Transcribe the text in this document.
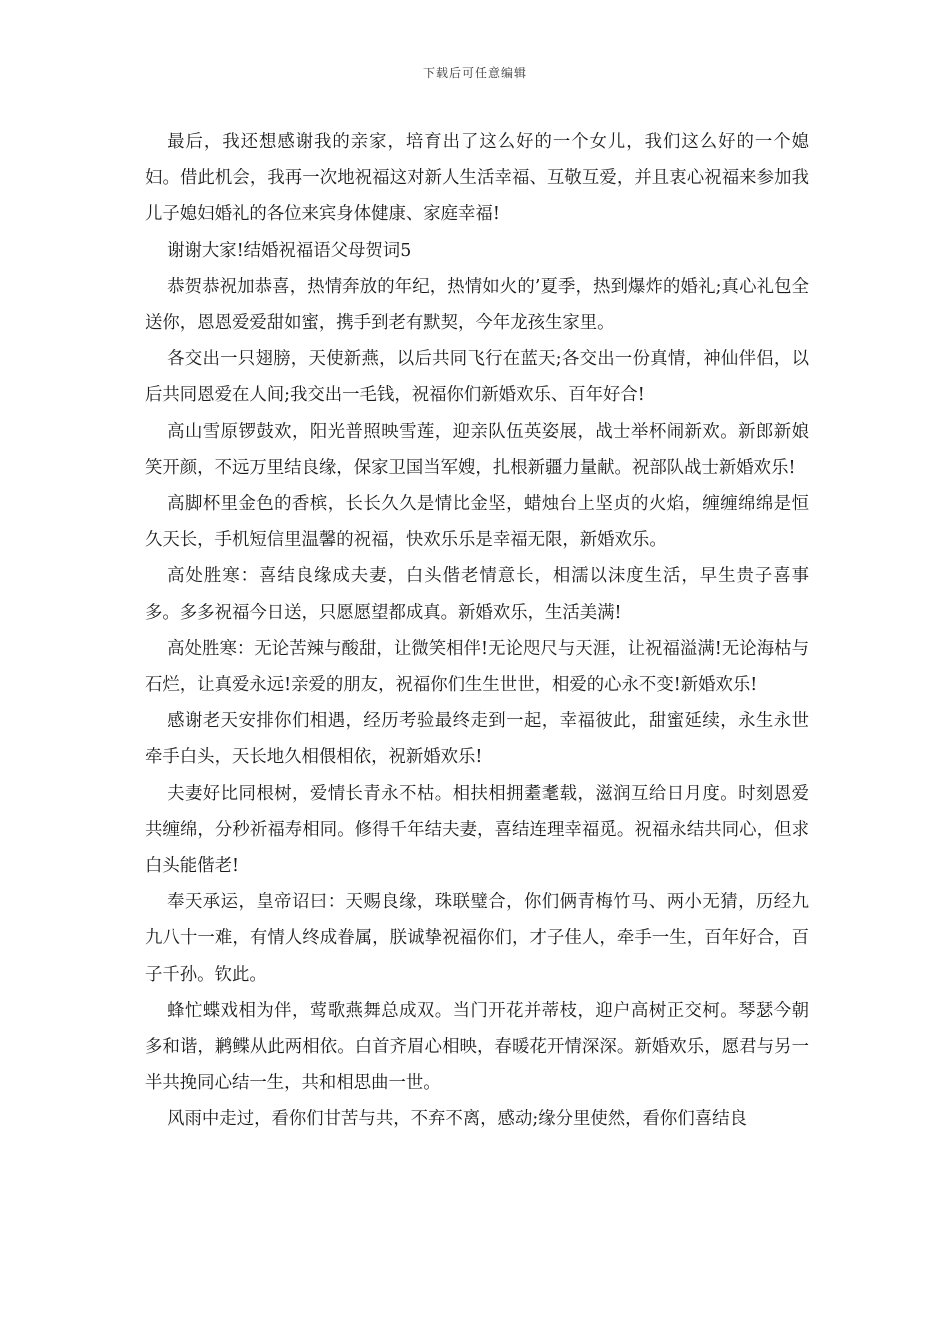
下载后可任意编辑

最后，我还想感谢我的亲家，培育出了这么好的一个女儿，我们这么好的一个媳妇。借此机会，我再一次地祝福这对新人生活幸福、互敬互爱，并且衷心祝福来参加我儿子媳妇婚礼的各位来宾身体健康、家庭幸福!

谢谢大家!结婚祝福语父母贺词5

恭贺恭祝加恭喜，热情奔放的年纪，热情如火的’夏季，热到爆炸的婚礼;真心礼包全送你，恩恩爱爱甜如蜜，携手到老有默契，今年龙孩生家里。

各交出一只翅膀，天使新燕，以后共同飞行在蓝天;各交出一份真情，神仙伴侣，以后共同恩爱在人间;我交出一毛钱，祝福你们新婚欢乐、百年好合!

高山雪原锣鼓欢，阳光普照映雪莲，迎亲队伍英姿展，战士举杯闹新欢。新郎新娘笑开颜，不远万里结良缘，保家卫国当军嫂，扎根新疆力量献。祝部队战士新婚欢乐!

高脚杯里金色的香槟，长长久久是情比金坚，蜡烛台上坚贞的火焰，缠缠绵绵是恒久天长，手机短信里温馨的祝福，快欢乐乐是幸福无限，新婚欢乐。

高处胜寒：喜结良缘成夫妻，白头偕老情意长，相濡以沫度生活，早生贵子喜事多。多多祝福今日送，只愿愿望都成真。新婚欢乐，生活美满!

高处胜寒：无论苦辣与酸甜，让微笑相伴!无论咫尺与天涯，让祝福溢满!无论海枯与石烂，让真爱永远!亲爱的朋友，祝福你们生生世世，相爱的心永不变!新婚欢乐!

感谢老天安排你们相遇，经历考验最终走到一起，幸福彼此，甜蜜延续，永生永世牵手白头，天长地久相偎相依，祝新婚欢乐!

夫妻好比同根树，爱情长青永不枯。相扶相拥耋耄载，滋润互给日月度。时刻恩爱共缠绵，分秒祈福寿相同。修得千年结夫妻，喜结连理幸福觅。祝福永结共同心，但求白头能偕老!

奉天承运，皇帝诏曰：天赐良缘，珠联璧合，你们俩青梅竹马、两小无猜，历经九九八十一难，有情人终成眷属，朕诚挚祝福你们，才子佳人，牵手一生，百年好合，百子千孙。钦此。

蜂忙蝶戏相为伴，莺歌燕舞总成双。当门开花并蒂枝，迎户高树正交柯。琴瑟今朝多和谐，鹣鲽从此两相依。白首齐眉心相映，春暖花开情深深。新婚欢乐，愿君与另一半共挽同心结一生，共和相思曲一世。

风雨中走过，看你们甘苦与共，不弃不离，感动;缘分里使然，看你们喜结良
